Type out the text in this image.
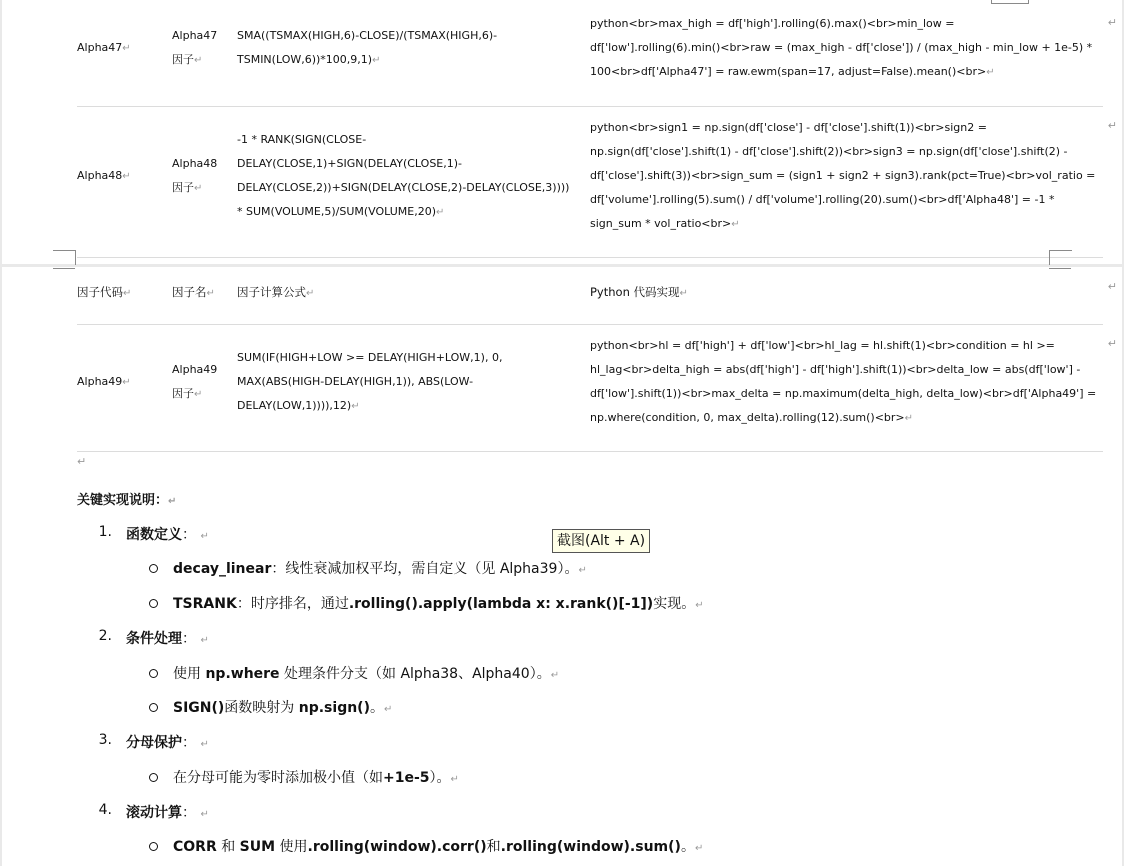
Alpha47↵
Alpha47
因子↵
SMA((TSMAX(HIGH,6)-CLOSE)/(TSMAX(HIGH,6)-
TSMIN(LOW,6))*100,9,1)↵
python<br>max_high = df['high'].rolling(6).max()<br>min_low =
df['low'].rolling(6).min()<br>raw = (max_high - df['close']) / (max_high - min_low + 1e-5) *
100<br>df['Alpha47'] = raw.ewm(span=17, adjust=False).mean()<br>↵
↵
Alpha48↵
Alpha48
因子↵
-1 * RANK(SIGN(CLOSE-
DELAY(CLOSE,1)+SIGN(DELAY(CLOSE,1)-
DELAY(CLOSE,2))+SIGN(DELAY(CLOSE,2)-DELAY(CLOSE,3))))
* SUM(VOLUME,5)/SUM(VOLUME,20)↵
python<br>sign1 = np.sign(df['close'] - df['close'].shift(1))<br>sign2 =
np.sign(df['close'].shift(1) - df['close'].shift(2))<br>sign3 = np.sign(df['close'].shift(2) -
df['close'].shift(3))<br>sign_sum = (sign1 + sign2 + sign3).rank(pct=True)<br>vol_ratio =
df['volume'].rolling(5).sum() / df['volume'].rolling(20).sum()<br>df['Alpha48'] = -1 *
sign_sum * vol_ratio<br>↵
↵
因子代码↵	因子名↵ 因子计算公式↵	Python 代码实现↵
↵
Alpha49↵
Alpha49
因子↵
SUM(IF(HIGH+LOW >= DELAY(HIGH+LOW,1), 0,
MAX(ABS(HIGH-DELAY(HIGH,1)), ABS(LOW-
DELAY(LOW,1)))),12)↵
python<br>hl = df['high'] + df['low']<br>hl_lag = hl.shift(1)<br>condition = hl >=
hl_lag<br>delta_high = abs(df['high'] - df['high'].shift(1))<br>delta_low = abs(df['low'] -
df['low'].shift(1))<br>max_delta = np.maximum(delta_high, delta_low)<br>df['Alpha49'] =
np.where(condition, 0, max_delta).rolling(12).sum()<br>↵
↵
↵
关键实现说明：↵
1. 函数定义： ↵
decay_linear：线性衰减加权平均，需自定义（见 Alpha39）。↵
TSRANK：时序排名，通过.rolling().apply(lambda x: x.rank()[-1])实现。↵
2. 条件处理： ↵
使用 np.where 处理条件分支（如 Alpha38、Alpha40）。↵
SIGN()函数映射为 np.sign()。↵
3. 分母保护： ↵
在分母可能为零时添加极小值（如+1e-5）。↵
4. 滚动计算： ↵
CORR 和 SUM 使用.rolling(window).corr()和.rolling(window).sum()。↵
截图(Alt + A)
